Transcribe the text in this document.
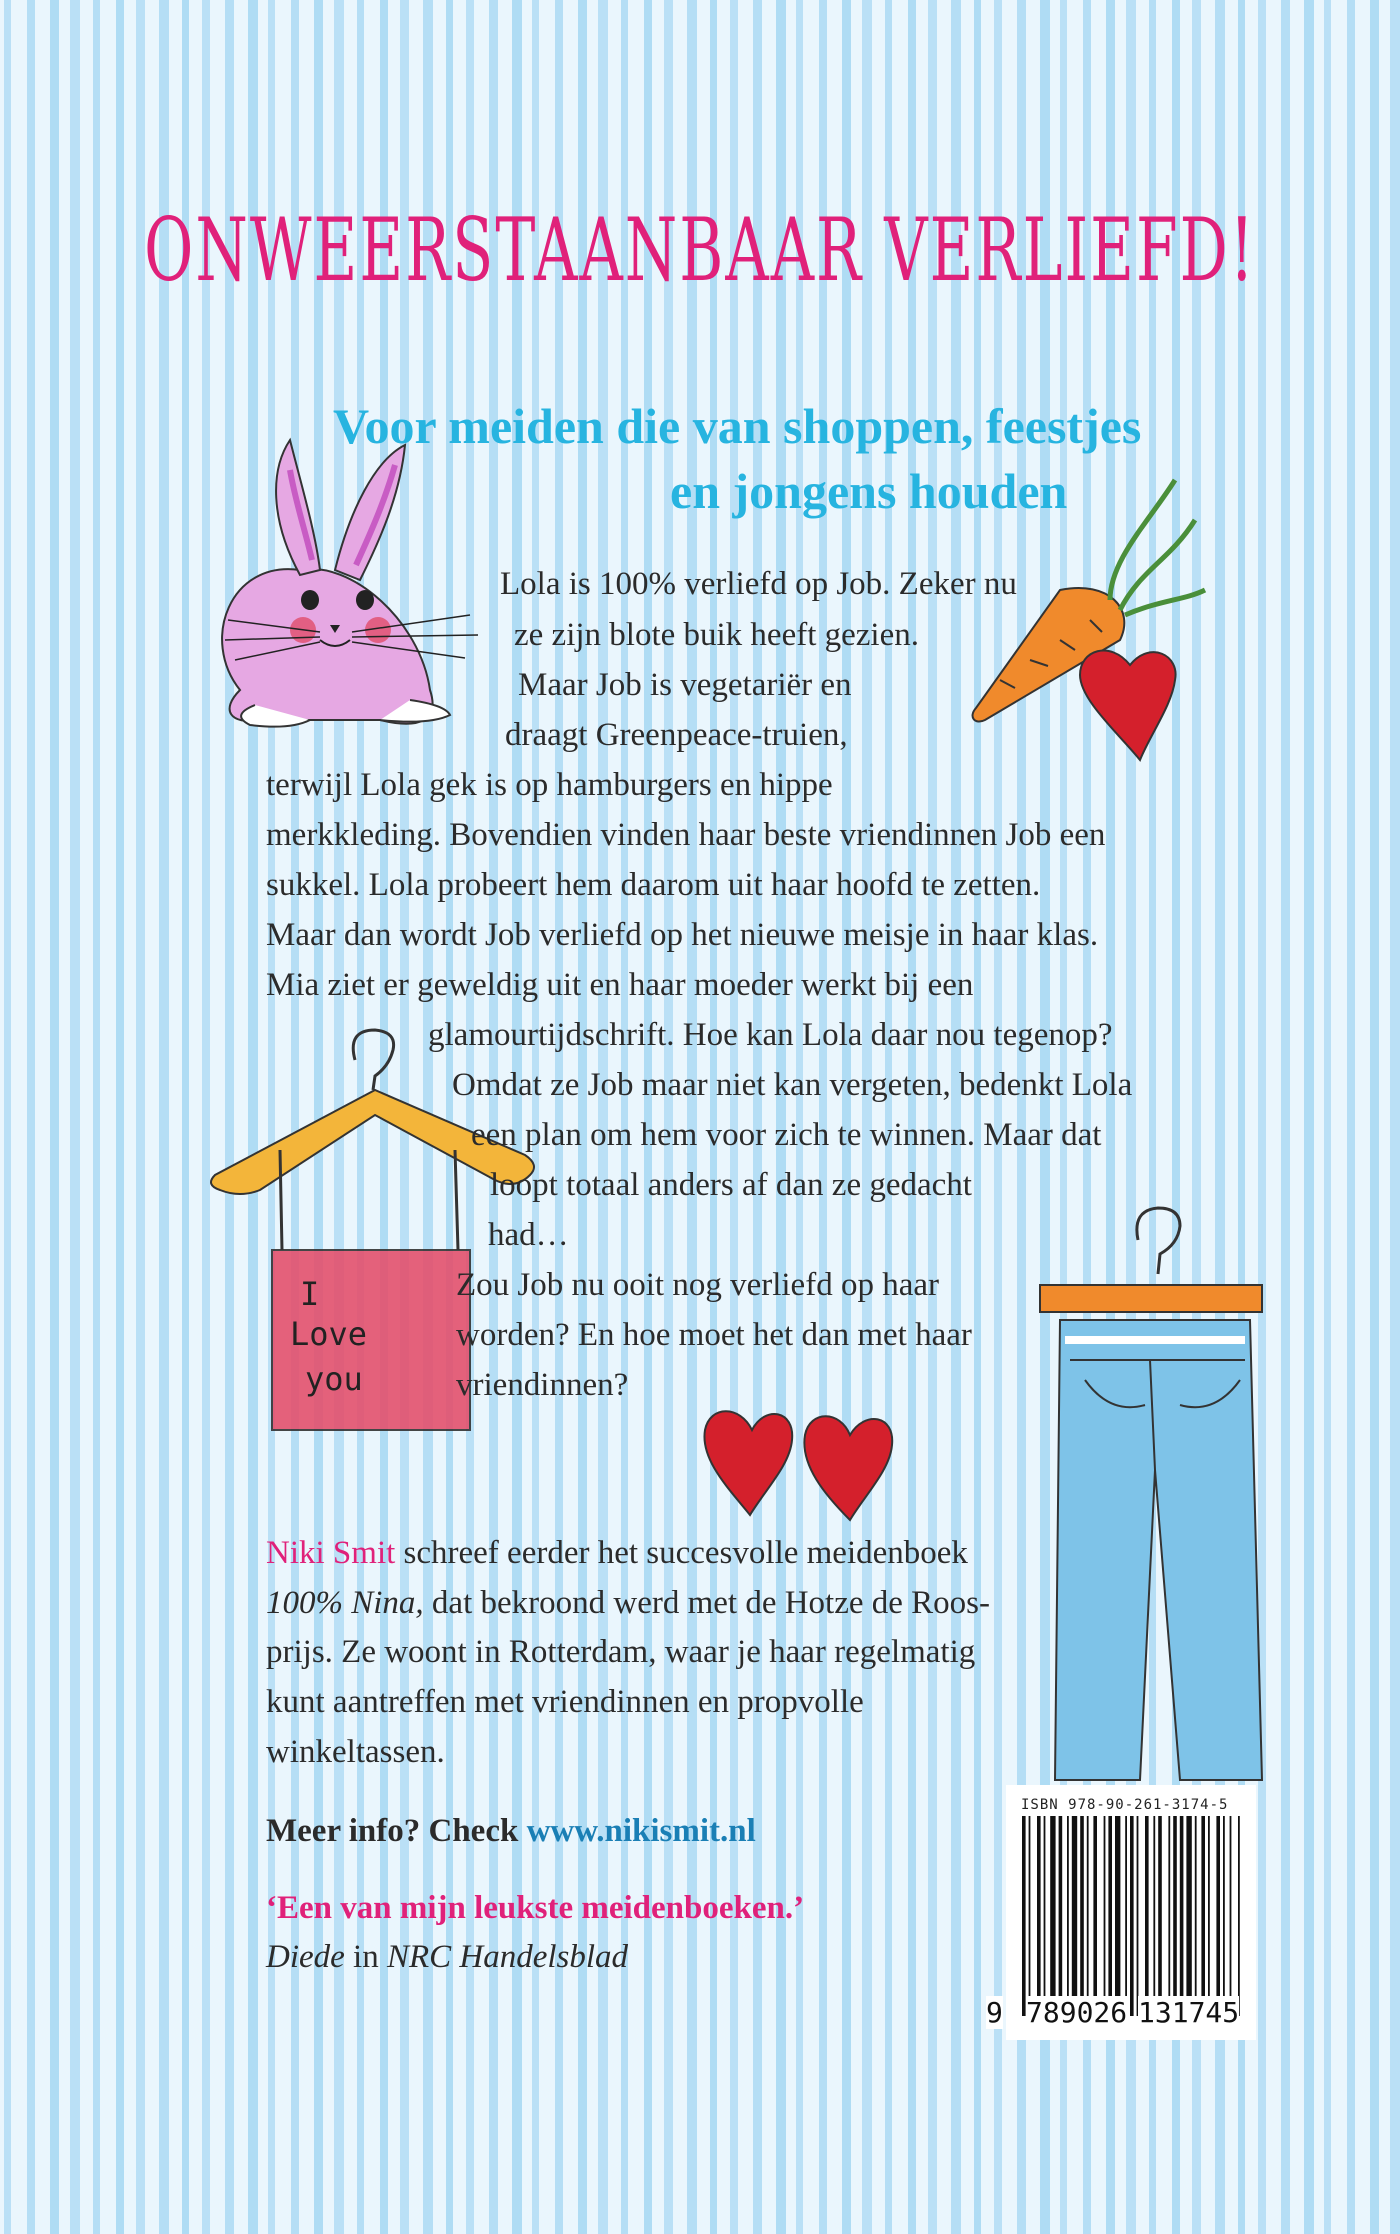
I
Love
you
ONWEERSTAANBAAR VERLIEFD!
Voor meiden die van shoppen, feestjes
en jongens houden
Lola is 100% verliefd op Job. Zeker nu
ze zijn blote buik heeft gezien.
Maar Job is vegetariër en
draagt Greenpeace-truien,
terwijl Lola gek is op hamburgers en hippe
merkkleding. Bovendien vinden haar beste vriendinnen Job een
sukkel. Lola probeert hem daarom uit haar hoofd te zetten.
Maar dan wordt Job verliefd op het nieuwe meisje in haar klas.
Mia ziet er geweldig uit en haar moeder werkt bij een
glamourtijdschrift. Hoe kan Lola daar nou tegenop?
Omdat ze Job maar niet kan vergeten, bedenkt Lola
een plan om hem voor zich te winnen. Maar dat
loopt totaal anders af dan ze gedacht
had…
Zou Job nu ooit nog verliefd op haar
worden? En hoe moet het dan met haar
vriendinnen?
Niki Smit schreef eerder het succesvolle meidenboek
100% Nina, dat bekroond werd met de Hotze de Roos-
prijs. Ze woont in Rotterdam, waar je haar regelmatig
kunt aantreffen met vriendinnen en propvolle
winkeltassen.
Meer info? Check www.nikismit.nl
‘Een van mijn leukste meidenboeken.’
Diede in NRC Handelsblad
ISBN 978-90-261-3174-5
9 789026 131745
